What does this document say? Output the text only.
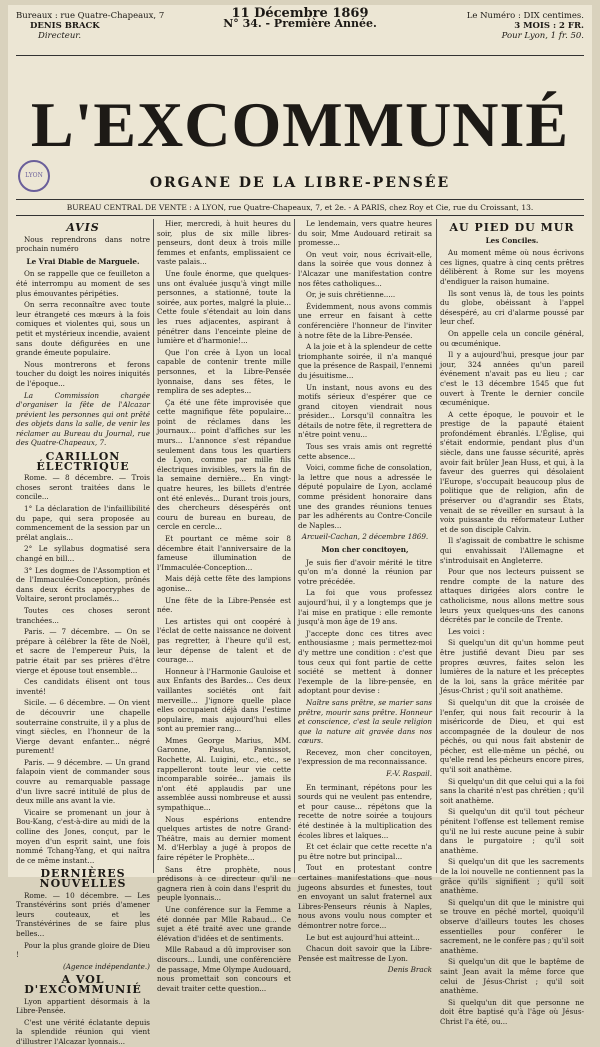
Bureaux : rue Quatre-Chapeaux, 7
DENIS BRACK
Directeur.
11 Décembre 1869
N° 34. - Première Année.
Le Numéro : DIX centimes.
3 MOIS : 2 FR.
Pour Lyon, 1 fr. 50.
L'EXCOMMUNIÉ
LYON	ORGANE DE LA LIBRE-PENSÉE
BUREAU CENTRAL DE VENTE : A LYON, rue Quatre-Chapeaux, 7, et 2e. - A PARIS, chez Roy et Cie, rue du Croissant, 13.
AVIS

Nous reprendrons dans notre prochain numéro

Le Vrai Diable de Marguele.

On se rappelle que ce feuilleton a été interrompu au moment de ses plus émouvantes péripéties.

On serra reconnaître avec toute leur étrangeté ces mœurs à la fois comiques et violentes qui, sous un petit et mystérieux incendie, avaient sans doute défigurées en une grande émeute populaire.

Nous montrerons et ferons toucher du doigt les noires iniquités de l'époque...

La Commission chargée d'organiser la fête de l'Alcazar prévient les personnes qui ont prêté des objets dans la salle, de venir les réclamer au Bureau du Journal, rue des Quatre-Chapeaux, 7.

CARILLON ÉLECTRIQUE

Rome. — 8 décembre. — Trois choses seront traitées dans le concile...

1° La déclaration de l'infaillibilité du pape, qui sera proposée au commencement de la session par un prélat anglais...

2° Le syllabus dogmatisé sera changé en bill...

3° Les dogmes de l'Assomption et de l'Immaculée-Conception, prônés dans deux écrits apocryphes de Voltaire, seront proclamés...

Toutes ces choses seront tranchées...

Paris. — 7 décembre. — On se prépare à célébrer la fête de Noël, et sacre de l'empereur Puis, la patrie était par ses prières d'être vierge et épouse tout ensemble...

Ces candidats élisent ont tous inventé!

Sicile. — 6 décembre. — On vient de découvrir une chapelle souterraine construite, il y a plus de vingt siècles, en l'honneur de la Vierge devant enfanter... négré purement!

Paris. — 9 décembre. — Un grand falapoin vient de commander sous couvre au remarquable passage d'un livre sacré intitulé de plus de deux mille ans avant la vie.

Vicaire se promenant un jour à Bou-Kang, c'est-à-dire au midi de la colline des Jones, conçut, par le moyen d'un esprit saint, une fois nommé Tchang-Yang, et qui naîtra de ce même instant...

DERNIÈRES NOUVELLES

Rome. — 10 décembre. — Les Transtévérins sont priés d'amener leurs couteaux, et les Transtévérines de se faire plus belles...

Pour la plus grande gloire de Dieu !

(Agence indépendante.)
A VOL D'EXCOMMUNIÉ

Lyon appartient désormais à la Libre-Pensée.

C'est une vérité éclatante depuis la splendide réunion qui vient d'illustrer l'Alcazar lyonnais...

Hier, mercredi, à huit heures du soir, plus de six mille libres-penseurs, dont deux à trois mille femmes et enfants, emplissaient ce vaste palais...

Une foule énorme, que quelques-uns ont évaluée jusqu'à vingt mille personnes, a stationné, toute la soirée, aux portes, malgré la pluie... Cette foule s'étendait au loin dans les rues adjacentes, aspirant à pénétrer dans l'enceinte pleine de lumière et d'harmonie!...

Que l'on crée à Lyon un local capable de contenir trente mille personnes, et la Libre-Pensée lyonnaise, dans ses fêtes, le remplira de ses adeptes...

Ça été une fête improvisée que cette magnifique fête populaire... point de réclames dans les journaux... point d'affiches sur les murs... L'annonce s'est répandue seulement dans tous les quartiers de Lyon, comme par mille fils électriques invisibles, vers la fin de la semaine dernière... En vingt-quatre heures, les billets d'entrée ont été enlevés... Durant trois jours, des chercheurs désespérés ont couru de bureau en bureau, de cercle en cercle...

Et pourtant ce même soir 8 décembre était l'anniversaire de la fameuse illumination de l'Immaculée-Conception...

Mais déjà cette fête des lampions agonise...

Une fête de la Libre-Pensée est née.

Les artistes qui ont coopéré à l'éclat de cette naissance ne doivent pas regretter, à l'heure qu'il est, leur dépense de talent et de courage...

Honneur à l'Harmonie Gauloise et aux Enfants des Bardes... Ces deux vaillantes sociétés ont fait merveille... J'ignore quelle place elles occupaient déjà dans l'estime populaire, mais aujourd'hui elles sont au premier rang...

Mmes George Marius, MM. Garonne, Paulus, Pannissot, Rochette, Al. Luigini, etc., etc., se rappelleront toute leur vie cette incomparable soirée... jamais ils n'ont été applaudis par une assemblée aussi nombreuse et aussi sympathique...

Nous espérions entendre quelques artistes de notre Grand-Théâtre, mais au dernier moment M. d'Herblay a jugé à propos de faire répéter le Prophète...

Sans être prophète, nous prédisons à ce directeur qu'il ne gagnera rien à coin dans l'esprit du peuple lyonnais...

Une conférence sur la Femme a été donnée par Mlle Rabaud... Ce sujet a été traité avec une grande élévation d'idées et de sentiments.

Mlle Rabaud a dû improviser son discours... Lundi, une conférencière de passage, Mme Olympe Audouard, nous promettait son concours et devait traiter cette question...

Le lendemain, vers quatre heures du soir, Mme Audouard retirait sa promesse...

On veut voir, nous écrivait-elle, dans la soirée que vous donnez à l'Alcazar une manifestation contre nos fêtes catholiques...

Or, je suis chrétienne.....

Évidemment, nous avons commis une erreur en faisant à cette conférencière l'honneur de l'inviter à notre fête de la Libre-Pensée.

A la joie et à la splendeur de cette triomphante soirée, il n'a manqué que la présence de Raspail, l'ennemi du jésuitisme...

Un instant, nous avons eu des motifs sérieux d'espérer que ce grand citoyen viendrait nous présider... Lorsqu'il connaîtra les détails de notre fête, il regrettera de n'être point venu...

Tous ses vrais amis ont regretté cette absence...

Voici, comme fiche de consolation, la lettre que nous a adressée le député populaire de Lyon, acclamé comme président honoraire dans une des grandes réunions tenues par les adhérents au Contre-Concile de Naples...

Arcueil-Cachan, 2 décembre 1869.
Mon cher concitoyen,

Je suis fier d'avoir mérité le titre qu'on m'a donné la réunion par votre précédée.

La foi que vous professez aujourd'hui, il y a longtemps que je l'ai mise en pratique : elle remonte jusqu'à mon âge de 19 ans.

J'accepte donc ces titres avec enthousiasme ; mais permettez-moi d'y mettre une condition : c'est que tous ceux qui font partie de cette société se mettent à donner l'exemple de la libre-pensée, en adoptant pour devise :

Naître sans prêtre, se marier sans prêtre, mourir sans prêtre. Honneur et conscience, c'est la seule religion que la nature ait gravée dans nos cœurs.

Recevez, mon cher concitoyen, l'expression de ma reconnaissance.

F.-V. Raspail.

En terminant, répétons pour les sourds qui ne veulent pas entendre, et pour cause... répétons que la recette de notre soirée a toujours été destinée à la multiplication des écoles libres et laïques...

Et cet éclair que cette recette n'a pu être notre but principal...

Tout en protestant contre certaines manifestations que nous jugeons absurdes et funestes, tout en envoyant un salut fraternel aux Libres-Penseurs réunis à Naples, nous avons voulu nous compter et démontrer notre force...

Le but est aujourd'hui atteint...

Chacun doit savoir que la Libre-Pensée est maîtresse de Lyon.

Denis Brack
AU PIED DU MUR
Les Conciles.

Au moment même où nous écrivons ces lignes, quatre à cinq cents prêtres délibèrent à Rome sur les moyens d'endiguer la raison humaine.

Ils sont venus là, de tous les points du globe, obéissant à l'appel désespéré, au cri d'alarme poussé par leur chef.

On appelle cela un concile général, ou œcuménique.

Il y a aujourd'hui, presque jour par jour, 324 années qu'un pareil événement n'avait pas eu lieu ; car c'est le 13 décembre 1545 que fut ouvert à Trente le dernier concile œcuménique.

A cette époque, le pouvoir et le prestige de la papauté étaient profondément ébranlés. L'Église, qui s'était endormie, pendant plus d'un siècle, dans une fausse sécurité, après avoir fait brûler Jean Huss, et qui, à la faveur des guerres qui désolaient l'Europe, s'occupait beaucoup plus de politique que de religion, afin de préserver ou d'agrandir ses États, venait de se réveiller en sursaut à la voix puissante du réformateur Luther et de son disciple Calvin.

Il s'agissait de combattre le schisme qui envahissait l'Allemagne et s'introduisait en Angleterre.

Pour que nos lecteurs puissent se rendre compte de la nature des attaques dirigées alors contre le catholicisme, nous allons mettre sous leurs yeux quelques-uns des canons décrétés par le concile de Trente.

Les voici :

Si quelqu'un dit qu'un homme peut être justifié devant Dieu par ses propres œuvres, faites selon les lumières de la nature et les préceptes de la loi, sans la grâce méritée par Jésus-Christ ; qu'il soit anathème.

Si quelqu'un dit que la croisée de l'enfer, qui nous fait recourir à la miséricorde de Dieu, et qui est accompagnée de la douleur de nos péchés, ou qui nous fait abstenir de pécher, est elle-même un péché, ou qu'elle rend les pécheurs encore pires, qu'il soit anathème.

Si quelqu'un dit que celui qui a la foi sans la charité n'est pas chrétien ; qu'il soit anathème.

Si quelqu'un dit qu'il tout pécheur pénitent l'offense est tellement remise qu'il ne lui reste aucune peine à subir dans le purgatoire ; qu'il soit anathème.

Si quelqu'un dit que les sacrements de la loi nouvelle ne contiennent pas la grâce qu'ils signifient ; qu'il soit anathème.

Si quelqu'un dit que le ministre qui se trouve en péché mortel, quoiqu'il observe d'ailleurs toutes les choses essentielles pour conférer le sacrement, ne le confère pas ; qu'il soit anathème.

Si quelqu'un dit que le baptême de saint Jean avait la même force que celui de Jésus-Christ ; qu'il soit anathème.

Si quelqu'un dit que personne ne doit être baptisé qu'à l'âge où Jésus-Christ l'a été, ou...
